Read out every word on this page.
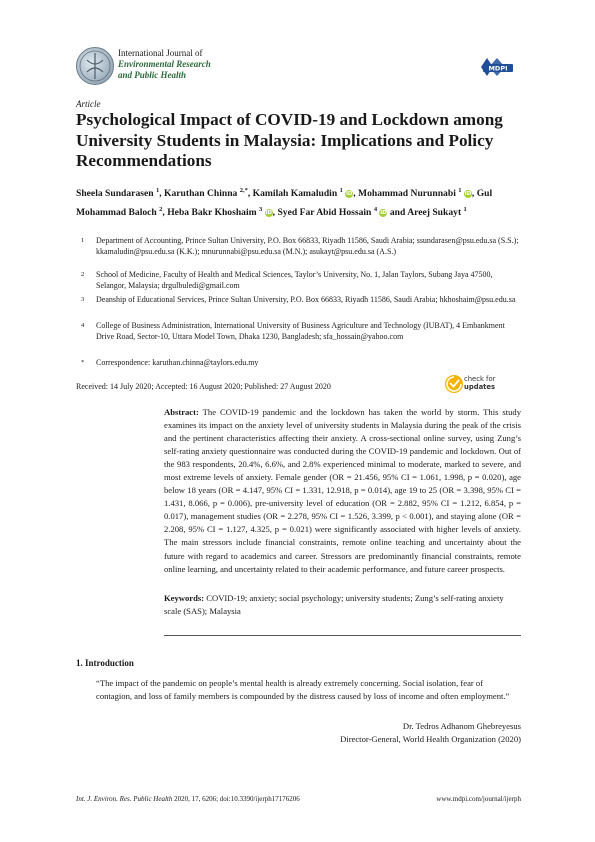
International Journal of
Environmental Research
and Public Health
MDPI
Article
Psychological Impact of COVID-19 and Lockdown among University Students in Malaysia: Implications and Policy Recommendations
Sheela Sundarasen $^1$, Karuthan Chinna $^{2,*}$, Kamilah Kamaludin $^1$ iD, Mohammad Nurunnabi $^1$ iD, Gul Mohammad Baloch $^2$, Heba Bakr Khoshaim $^3$ iD, Syed Far Abid Hossain $^4$ iD and Areej Sukayt $^1$
1 Department of Accounting, Prince Sultan University, P.O. Box 66833, Riyadh 11586, Saudi Arabia; ssundarasen@psu.edu.sa (S.S.); kkamaludin@psu.edu.sa (K.K.); mnurunnabi@psu.edu.sa (M.N.); asukayt@psu.edu.sa (A.S.)
2 School of Medicine, Faculty of Health and Medical Sciences, Taylor’s University, No. 1, Jalan Taylors, Subang Jaya 47500, Selangor, Malaysia; drgulbuledi@gmail.com
3 Deanship of Educational Services, Prince Sultan University, P.O. Box 66833, Riyadh 11586, Saudi Arabia; hkhoshaim@psu.edu.sa
4 College of Business Administration, International University of Business Agriculture and Technology (IUBAT), 4 Embankment Drive Road, Sector-10, Uttara Model Town, Dhaka 1230, Bangladesh; sfa_hossain@yahoo.com
* Correspondence: karuthan.chinna@taylors.edu.my
Received: 14 July 2020; Accepted: 16 August 2020; Published: 27 August 2020
check for
updates
Abstract: The COVID-19 pandemic and the lockdown has taken the world by storm. This study examines its impact on the anxiety level of university students in Malaysia during the peak of the crisis and the pertinent characteristics affecting their anxiety. A cross-sectional online survey, using Zung’s self-rating anxiety questionnaire was conducted during the COVID-19 pandemic and lockdown. Out of the 983 respondents, 20.4%, 6.6%, and 2.8% experienced minimal to moderate, marked to severe, and most extreme levels of anxiety. Female gender (OR = 21.456, 95% CI = 1.061, 1.998, p = 0.020), age below 18 years (OR = 4.147, 95% CI = 1.331, 12.918, p = 0.014), age 19 to 25 (OR = 3.398, 95% CI = 1.431, 8.066, p = 0.006), pre-university level of education (OR = 2.882, 95% CI = 1.212, 6.854, p = 0.017), management studies (OR = 2.278, 95% CI = 1.526, 3.399, p < 0.001), and staying alone (OR = 2.208, 95% CI = 1.127, 4.325, p = 0.021) were significantly associated with higher levels of anxiety. The main stressors include financial constraints, remote online teaching and uncertainty about the future with regard to academics and career. Stressors are predominantly financial constraints, remote online learning, and uncertainty related to their academic performance, and future career prospects.
Keywords: COVID-19; anxiety; social psychology; university students; Zung’s self-rating anxiety scale (SAS); Malaysia
1. Introduction
“The impact of the pandemic on people’s mental health is already extremely concerning. Social isolation, fear of contagion, and loss of family members is compounded by the distress caused by loss of income and often employment.”
Dr. Tedros Adhanom Ghebreyesus
Director-General, World Health Organization (2020)
Int. J. Environ. Res. Public Health 2020, 17, 6206; doi:10.3390/ijerph17176206	www.mdpi.com/journal/ijerph
